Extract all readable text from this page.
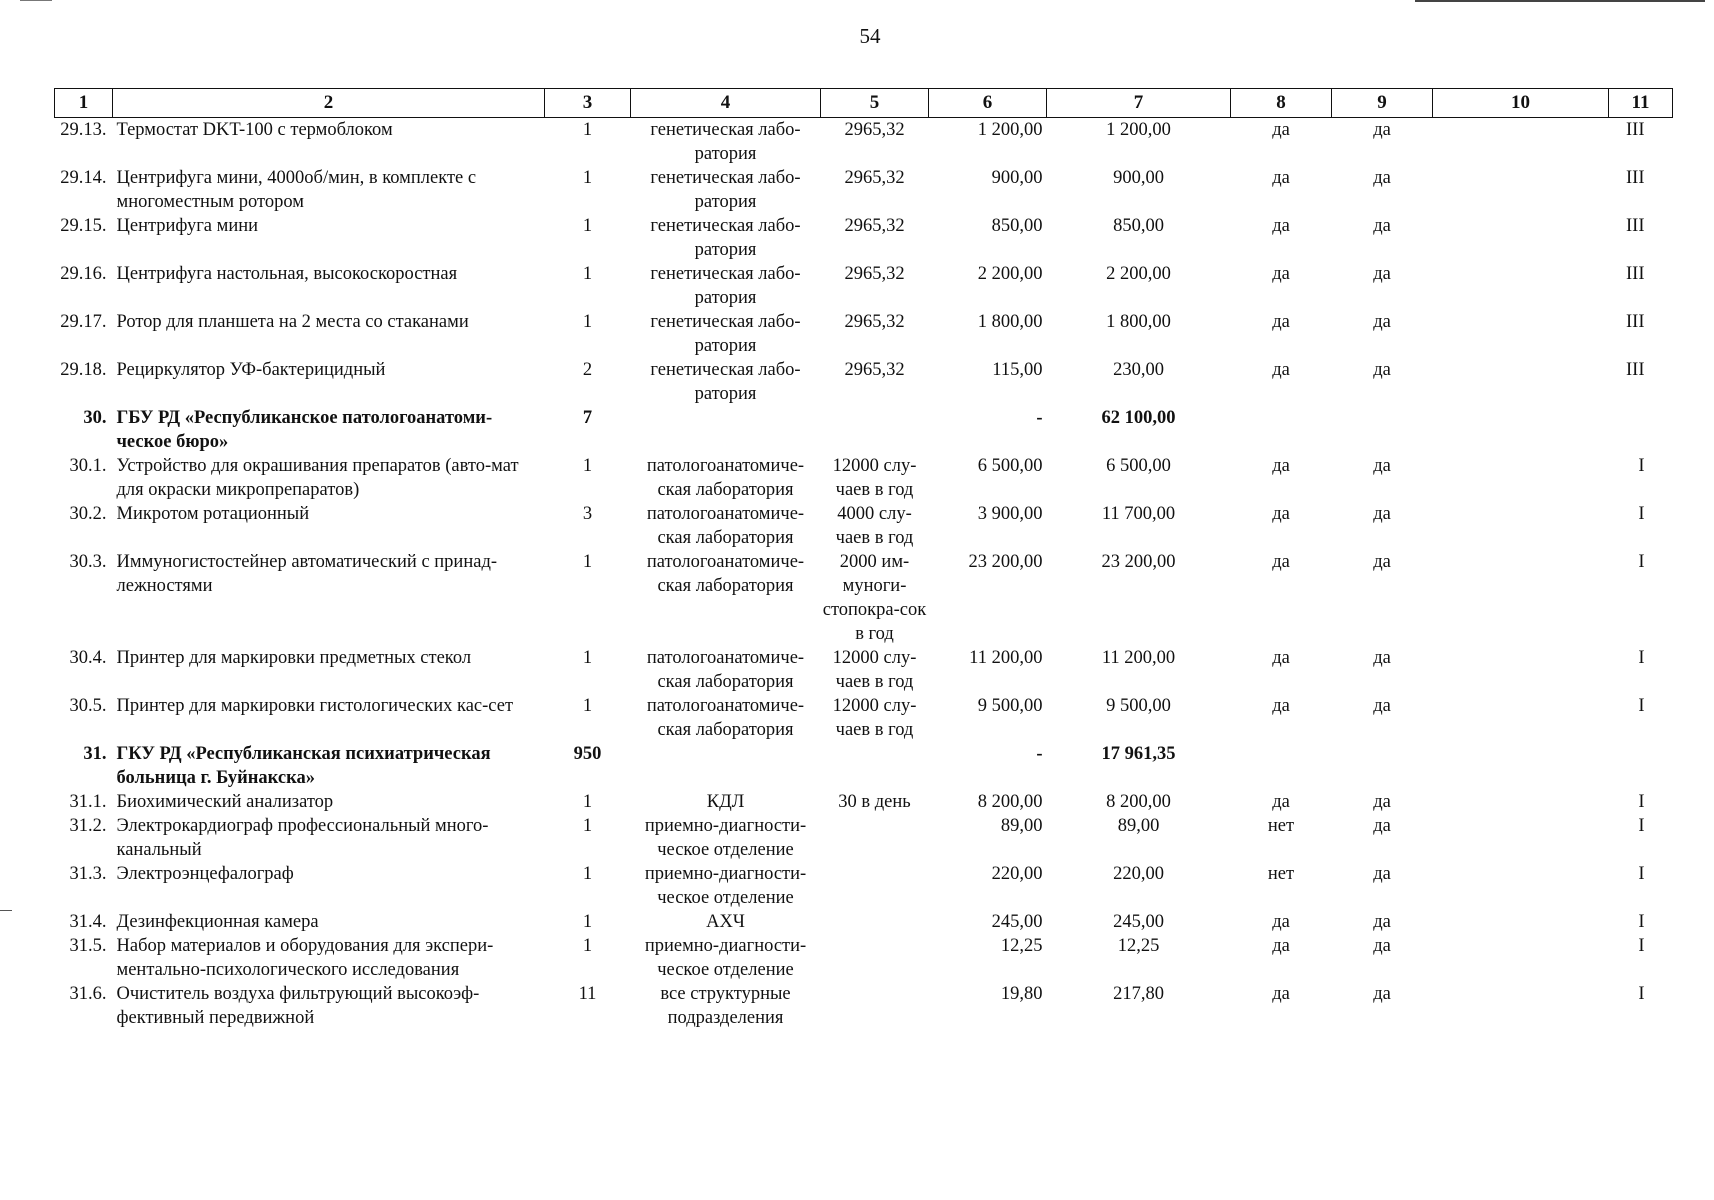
54
1	2	3	4	5	6	7	8	9	10	11
29.13.	Термостат DKT-100 с термоблоком	1	генетическая лабо-ратория	2965,32	1 200,00	1 200,00	да	да		III
29.14.	Центрифуга мини, 4000об/мин, в комплекте с многоместным ротором	1	генетическая лабо-ратория	2965,32	900,00	900,00	да	да		III
29.15.	Центрифуга мини	1	генетическая лабо-ратория	2965,32	850,00	850,00	да	да		III
29.16.	Центрифуга настольная, высокоскоростная	1	генетическая лабо-ратория	2965,32	2 200,00	2 200,00	да	да		III
29.17.	Ротор для планшета на 2 места со стаканами	1	генетическая лабо-ратория	2965,32	1 800,00	1 800,00	да	да		III
29.18.	Рециркулятор УФ-бактерицидный	2	генетическая лабо-ратория	2965,32	115,00	230,00	да	да		III
30.	ГБУ РД «Республиканское патологоанатоми-ческое бюро»	7			-	62 100,00				
30.1.	Устройство для окрашивания препаратов (авто-мат для окраски микропрепаратов)	1	патологоанатомиче-ская лаборатория	12000 слу-чаев в год	6 500,00	6 500,00	да	да		I
30.2.	Микротом ротационный	3	патологоанатомиче-ская лаборатория	4000 слу-чаев в год	3 900,00	11 700,00	да	да		I
30.3.	Иммуногистостейнер автоматический с принад-лежностями	1	патологоанатомиче-ская лаборатория	2000 им-муноги-стопокра-сок в год	23 200,00	23 200,00	да	да		I
30.4.	Принтер для маркировки предметных стекол	1	патологоанатомиче-ская лаборатория	12000 слу-чаев в год	11 200,00	11 200,00	да	да		I
30.5.	Принтер для маркировки гистологических кас-сет	1	патологоанатомиче-ская лаборатория	12000 слу-чаев в год	9 500,00	9 500,00	да	да		I
31.	ГКУ РД «Республиканская психиатрическая больница г. Буйнакска»	950			-	17 961,35				
31.1.	Биохимический анализатор	1	КДЛ	30 в день	8 200,00	8 200,00	да	да		I
31.2.	Электрокардиограф профессиональный много-канальный	1	приемно-диагности-ческое отделение		89,00	89,00	нет	да		I
31.3.	Электроэнцефалограф	1	приемно-диагности-ческое отделение		220,00	220,00	нет	да		I
31.4.	Дезинфекционная камера	1	АХЧ		245,00	245,00	да	да		I
31.5.	Набор материалов и оборудования для экспери-ментально-психологического исследования	1	приемно-диагности-ческое отделение		12,25	12,25	да	да		I
31.6.	Очиститель воздуха фильтрующий высокоэф-фективный передвижной	11	все структурные подразделения		19,80	217,80	да	да		I
